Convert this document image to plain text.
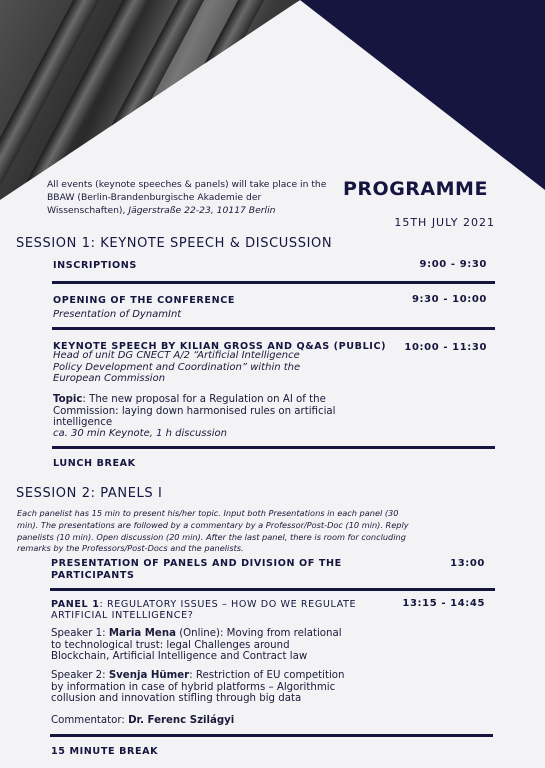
All events (keynote speeches & panels) will take place in the BBAW (Berlin-Brandenburgische Akademie der Wissenschaften), Jägerstraße 22-23, 10117 Berlin
PROGRAMME
15TH JULY 2021
SESSION 1: KEYNOTE SPEECH & DISCUSSION
INSCRIPTIONS	9:00 - 9:30
OPENING OF THE CONFERENCE	9:30 - 10:00
Presentation of DynamInt
KEYNOTE SPEECH BY KILIAN GROSS AND Q&AS (PUBLIC) 10:00 - 11:30
Head of unit DG CNECT A/2 “Artificial Intelligence
Policy Development and Coordination” within the
European Commission
Topic: The new proposal for a Regulation on AI of the
Commission: laying down harmonised rules on artificial
intelligence
ca. 30 min Keynote, 1 h discussion
LUNCH BREAK
SESSION 2: PANELS I
Each panelist has 15 min to present his/her topic. Input both Presentations in each panel (30
min). The presentations are followed by a commentary by a Professor/Post-Doc (10 min). Reply
panelists (10 min). Open discussion (20 min). After the last panel, there is room for concluding
remarks by the Professors/Post-Docs and the panelists.
PRESENTATION OF PANELS AND DIVISION OF THE
PARTICIPANTS
13:00
PANEL 1: REGULATORY ISSUES – HOW DO WE REGULATE
ARTIFICIAL INTELLIGENCE?
13:15 - 14:45
Speaker 1: Maria Mena (Online): Moving from relational
to technological trust: legal Challenges around
Blockchain, Artificial Intelligence and Contract law
Speaker 2: Svenja Hümer: Restriction of EU competition
by information in case of hybrid platforms – Algorithmic
collusion and innovation stifling through big data
Commentator: Dr. Ferenc Szilágyi
15 MINUTE BREAK
